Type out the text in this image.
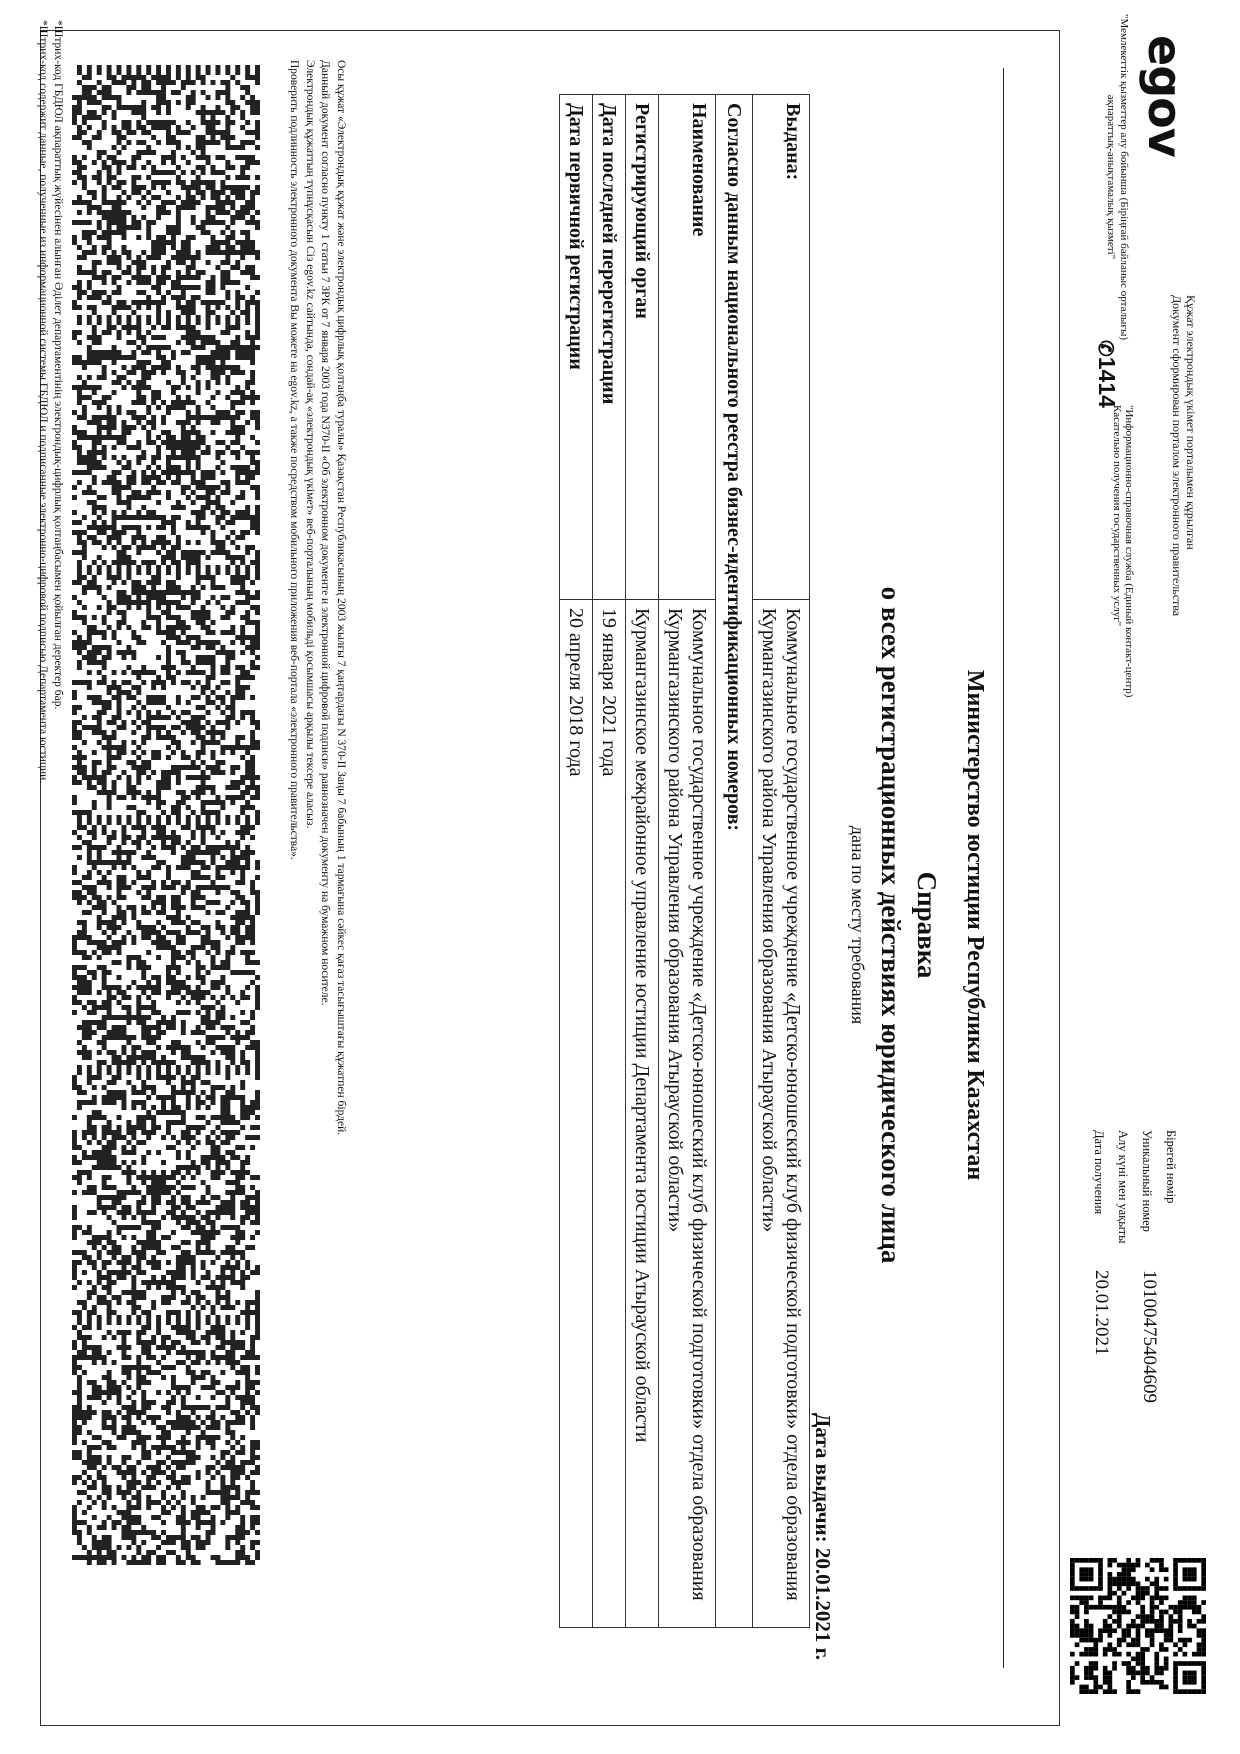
Құжат электрондық үкімет порталымен құрылған
Документ сформирован порталом электронного правительства
egov
"Мемлекеттік қызметтер алу бойынша (Біріңғай байланыс орталығы) ақпараттық-анықтамалық қызметі"
✆1414
"Информационно-справочная служба (Единый контакт-центр) Касательно получения государственных услуг"
Бірегей нөмір
Уникальный номер
10100475404609
Алу күні мен уақыты
Дата получения
20.01.2021
Министерство юстиции Республики Казахстан
Справка
о всех регистрационных действиях юридического лица
дана по месту требования
Дата выдачи: 20.01.2021 г.
Выдана:	Коммунальное государственное учреждение «Детско-юношеский клуб физической подготовки» отдела образования Курмангазинского района Управления образования Атырауской области»
Согласно данным национального реестра бизнес-идентификационных номеров:	
Наименование	Коммунальное государственное учреждение «Детско-юношеский клуб физической подготовки» отдела образования Курмангазинского района Управления образования Атырауской области»
Регистрирующий орган	Курмангазинское межрайонное управление юстиции Департамента юстиции Атырауской области
Дата последней перерегистрации	19 января 2021 года
Дата первичной регистрации	20 апреля 2018 года
Осы құжат «Электрондық құжат және электрондық цифрлық қолтаңба туралы» Қазақстан Республикасының 2003 жылғы 7 қаңтардағы N 370-II Заңы 7 бабының 1 тармағына сәйкес қағаз тасығыштағы құжатпен бірдей.
Данный документ согласно пункту 1 статьи 7 ЗРК от 7 января 2003 года N370-II «Об электронном документе и электронной цифровой подписи» равнозначен документу на бумажном носителе.
Электрондық құжаттың түпнұсқасын Сіз egov.kz сайтында, сондай-ақ «электрондық үкімет» веб-порталының мобильді қосымшасы арқылы тексере аласыз.
Проверить подлинность электронного документа Вы можете на egov.kz, а также посредством мобильного приложения веб-портала «электронного правительства».
*Штрих-код ГБДЮЛ ақпараттық жүйесінен алынған Әділет департаментінің электрондық-цифрлық қолтаңбасымен қойылған деректер бар.
*Штрих-код содержит данные, полученные из информационной системы ГБДЮЛ и подписанные электронно-цифровой подписью Департамента юстиции.
